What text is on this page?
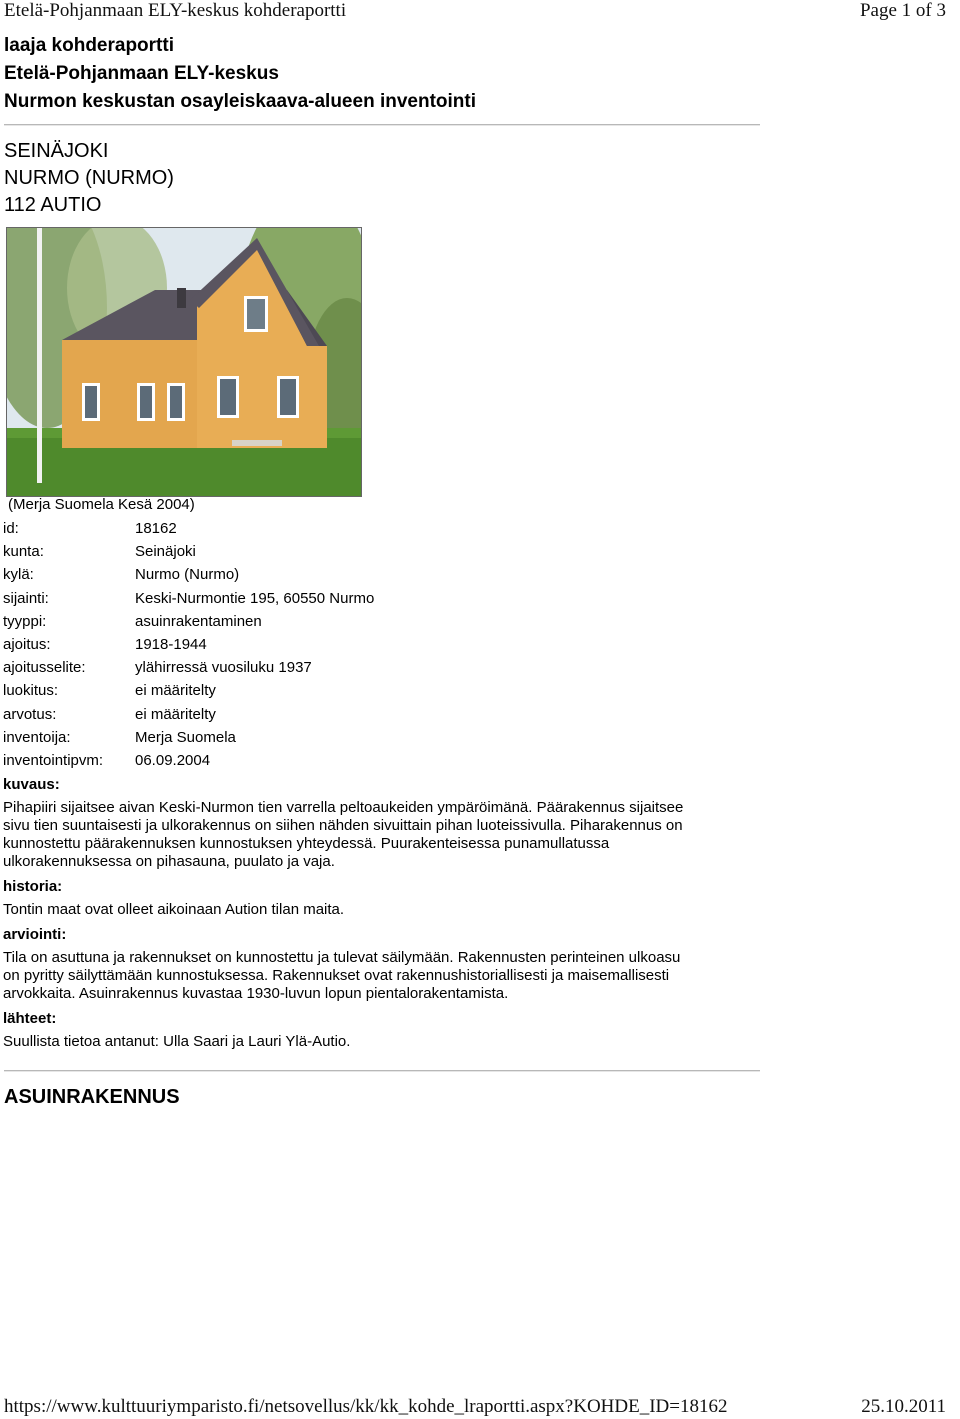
Etelä-Pohjanmaan ELY-keskus kohderaportti	Page 1 of 3
laaja kohderaportti
Etelä-Pohjanmaan ELY-keskus
Nurmon keskustan osayleiskaava-alueen inventointi
SEINÄJOKI
NURMO (NURMO)
112 AUTIO
(Merja Suomela Kesä 2004)
id:	18162
kunta:	Seinäjoki
kylä:	Nurmo (Nurmo)
sijainti:	Keski-Nurmontie 195, 60550 Nurmo
tyyppi:	asuinrakentaminen
ajoitus:	1918-1944
ajoitusselite:	ylähirressä vuosiluku 1937
luokitus:	ei määritelty
arvotus:	ei määritelty
inventoija:	Merja Suomela
inventointipvm:	06.09.2004
kuvaus:
Pihapiiri sijaitsee aivan Keski-Nurmon tien varrella peltoaukeiden ympäröimänä. Päärakennus sijaitsee
sivu tien suuntaisesti ja ulkorakennus on siihen nähden sivuittain pihan luoteissivulla. Piharakennus on
kunnostettu päärakennuksen kunnostuksen yhteydessä. Puurakenteisessa punamullatussa
ulkorakennuksessa on pihasauna, puulato ja vaja.
historia:
Tontin maat ovat olleet aikoinaan Aution tilan maita.
arviointi:
Tila on asuttuna ja rakennukset on kunnostettu ja tulevat säilymään. Rakennusten perinteinen ulkoasu
on pyritty säilyttämään kunnostuksessa. Rakennukset ovat rakennushistoriallisesti ja maisemallisesti
arvokkaita. Asuinrakennus kuvastaa 1930-luvun lopun pientalorakentamista.
lähteet:
Suullista tietoa antanut: Ulla Saari ja Lauri Ylä-Autio.
ASUINRAKENNUS
https://www.kulttuuriymparisto.fi/netsovellus/kk/kk_kohde_lraportti.aspx?KOHDE_ID=18162	25.10.2011
